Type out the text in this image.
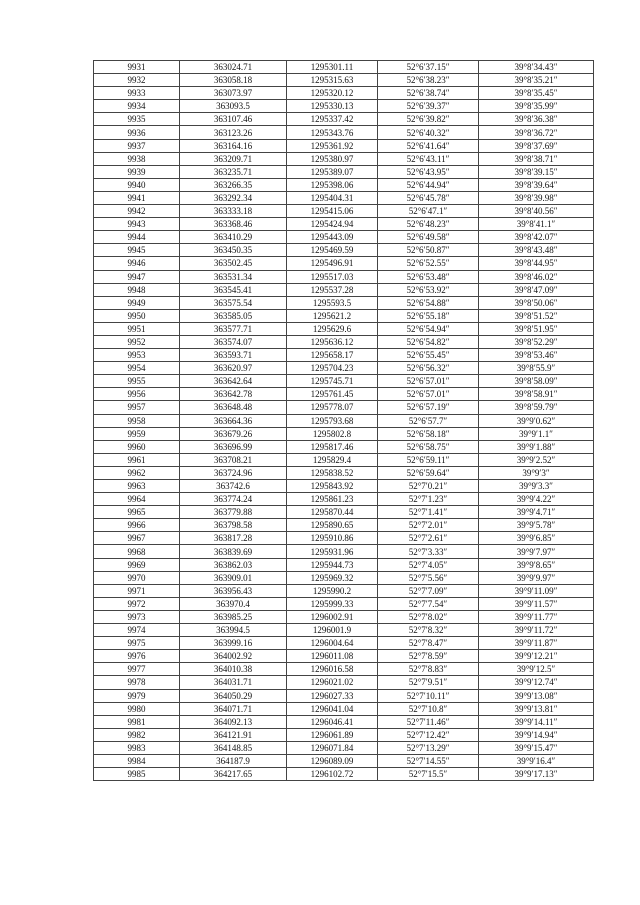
9931	363024.71	1295301.11	52°6′37.15″	39°8′34.43″
9932	363058.18	1295315.63	52°6′38.23″	39°8′35.21″
9933	363073.97	1295320.12	52°6′38.74″	39°8′35.45″
9934	363093.5	1295330.13	52°6′39.37″	39°8′35.99″
9935	363107.46	1295337.42	52°6′39.82″	39°8′36.38″
9936	363123.26	1295343.76	52°6′40.32″	39°8′36.72″
9937	363164.16	1295361.92	52°6′41.64″	39°8′37.69″
9938	363209.71	1295380.97	52°6′43.11″	39°8′38.71″
9939	363235.71	1295389.07	52°6′43.95″	39°8′39.15″
9940	363266.35	1295398.06	52°6′44.94″	39°8′39.64″
9941	363292.34	1295404.31	52°6′45.78″	39°8′39.98″
9942	363333.18	1295415.06	52°6′47.1″	39°8′40.56″
9943	363368.46	1295424.94	52°6′48.23″	39°8′41.1″
9944	363410.29	1295443.09	52°6′49.58″	39°8′42.07″
9945	363450.35	1295469.59	52°6′50.87″	39°8′43.48″
9946	363502.45	1295496.91	52°6′52.55″	39°8′44.95″
9947	363531.34	1295517.03	52°6′53.48″	39°8′46.02″
9948	363545.41	1295537.28	52°6′53.92″	39°8′47.09″
9949	363575.54	1295593.5	52°6′54.88″	39°8′50.06″
9950	363585.05	1295621.2	52°6′55.18″	39°8′51.52″
9951	363577.71	1295629.6	52°6′54.94″	39°8′51.95″
9952	363574.07	1295636.12	52°6′54.82″	39°8′52.29″
9953	363593.71	1295658.17	52°6′55.45″	39°8′53.46″
9954	363620.97	1295704.23	52°6′56.32″	39°8′55.9″
9955	363642.64	1295745.71	52°6′57.01″	39°8′58.09″
9956	363642.78	1295761.45	52°6′57.01″	39°8′58.91″
9957	363648.48	1295778.07	52°6′57.19″	39°8′59.79″
9958	363664.36	1295793.68	52°6′57.7″	39°9′0.62″
9959	363679.26	1295802.8	52°6′58.18″	39°9′1.1″
9960	363696.99	1295817.46	52°6′58.75″	39°9′1.88″
9961	363708.21	1295829.4	52°6′59.11″	39°9′2.52″
9962	363724.96	1295838.52	52°6′59.64″	39°9′3″
9963	363742.6	1295843.92	52°7′0.21″	39°9′3.3″
9964	363774.24	1295861.23	52°7′1.23″	39°9′4.22″
9965	363779.88	1295870.44	52°7′1.41″	39°9′4.71″
9966	363798.58	1295890.65	52°7′2.01″	39°9′5.78″
9967	363817.28	1295910.86	52°7′2.61″	39°9′6.85″
9968	363839.69	1295931.96	52°7′3.33″	39°9′7.97″
9969	363862.03	1295944.73	52°7′4.05″	39°9′8.65″
9970	363909.01	1295969.32	52°7′5.56″	39°9′9.97″
9971	363956.43	1295990.2	52°7′7.09″	39°9′11.09″
9972	363970.4	1295999.33	52°7′7.54″	39°9′11.57″
9973	363985.25	1296002.91	52°7′8.02″	39°9′11.77″
9974	363994.5	1296001.9	52°7′8.32″	39°9′11.72″
9975	363999.16	1296004.64	52°7′8.47″	39°9′11.87″
9976	364002.92	1296011.08	52°7′8.59″	39°9′12.21″
9977	364010.38	1296016.58	52°7′8.83″	39°9′12.5″
9978	364031.71	1296021.02	52°7′9.51″	39°9′12.74″
9979	364050.29	1296027.33	52°7′10.11″	39°9′13.08″
9980	364071.71	1296041.04	52°7′10.8″	39°9′13.81″
9981	364092.13	1296046.41	52°7′11.46″	39°9′14.11″
9982	364121.91	1296061.89	52°7′12.42″	39°9′14.94″
9983	364148.85	1296071.84	52°7′13.29″	39°9′15.47″
9984	364187.9	1296089.09	52°7′14.55″	39°9′16.4″
9985	364217.65	1296102.72	52°7′15.5″	39°9′17.13″
